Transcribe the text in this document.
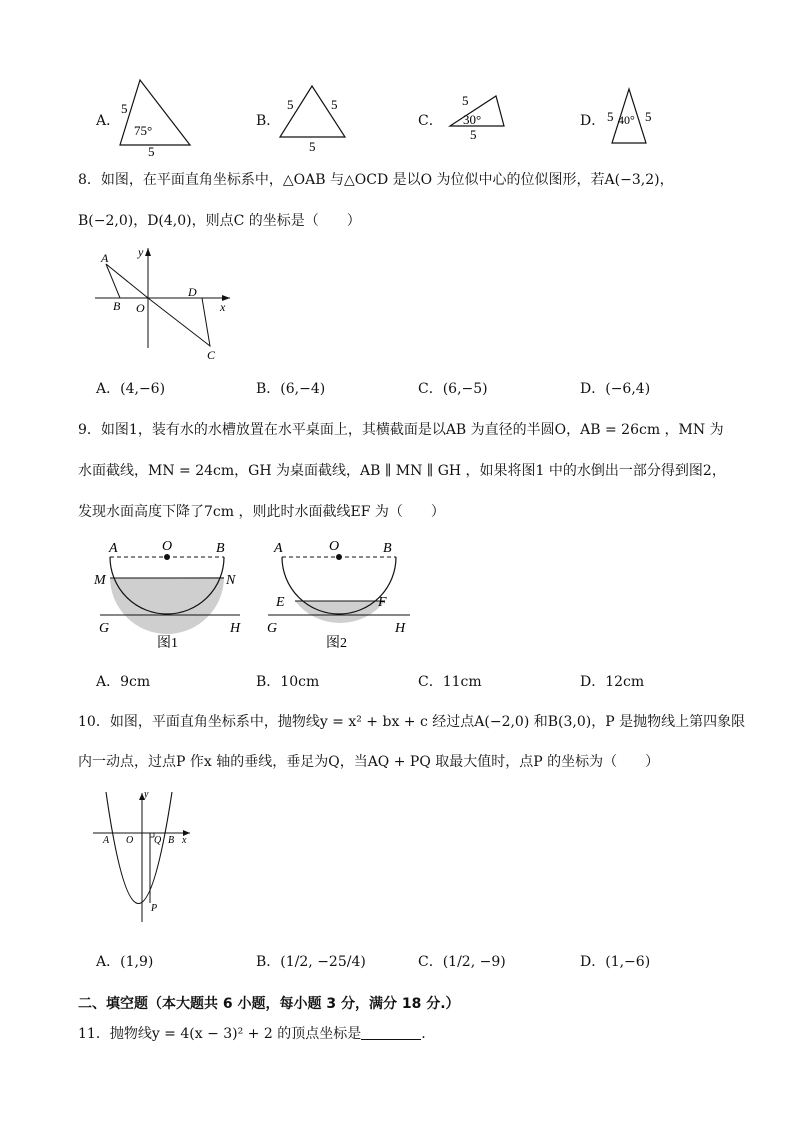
A．
5
75°
5
B．
5	5
5
C．
5
30°
5
D． 5 40° 5
8．如图，在平面直角坐标系中，△OAB 与△OCD 是以O 为位似中心的位似图形，若A(−3,2)，
B(−2,0)，D(4,0)，则点C 的坐标是（　　）
A
B O
D
C
x
y
A．(4,−6)	B．(6,−4)	C．(6,−5)	D．(−6,4)
9．如图1，装有水的水槽放置在水平桌面上，其横截面是以AB 为直径的半圆O，AB = 26cm ，MN 为
水面截线，MN = 24cm，GH 为桌面截线，AB ∥ MN ∥ GH ，如果将图1 中的水倒出一部分得到图2，
发现水面高度下降了7cm ，则此时水面截线EF 为（　　）
A	O	B
M	N
G	H
图1
A	O	B
E	F
G	H
图2
A．9cm	B．10cm	C．11cm	D．12cm
10．如图，平面直角坐标系中，抛物线y = x² + bx + c 经过点A(−2,0) 和B(3,0)，P 是抛物线上第四象限
内一动点，过点P 作x 轴的垂线，垂足为Q，当AQ + PQ 取最大值时，点P 的坐标为（　　）
y
A O Q B x
P
A．(1,9)	B．(1/2, −25/4)	C．(1/2, −9)	D．(1,−6)
二、填空题（本大题共 6 小题，每小题 3 分，满分 18 分.）
11．抛物线y = 4(x − 3)² + 2 的顶点坐标是	.
